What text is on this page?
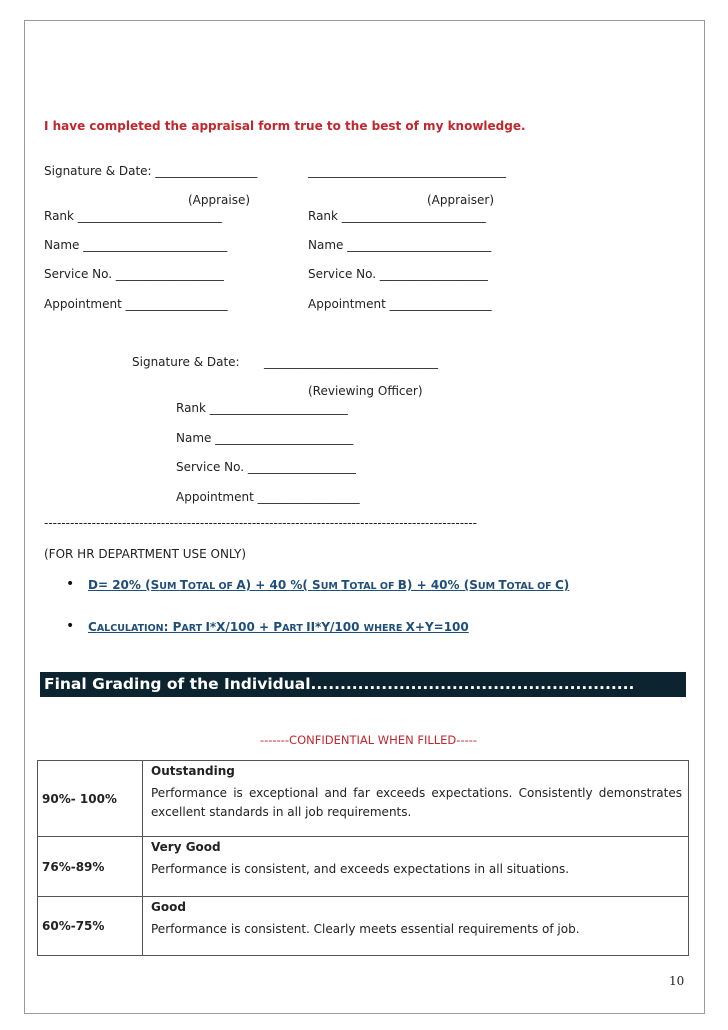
I have completed the appraisal form true to the best of my knowledge.
Signature & Date: _________________	_________________________________
(Appraise)	(Appraiser)
Rank ________________________	Rank ________________________
Name ________________________	Name ________________________
Service No. __________________	Service No. __________________
Appointment _________________	Appointment _________________
Signature & Date: _____________________________
(Reviewing Officer)
Rank _______________________
Name _______________________
Service No. __________________
Appointment _________________
----------------------------------------------------------------------------------------------------
(FOR HR DEPARTMENT USE ONLY)
• D= 20% (SUM TOTAL OF A) + 40 %( SUM TOTAL OF B) + 40% (SUM TOTAL OF C)
• CALCULATION: PART I*X/100 + PART II*Y/100 WHERE X+Y=100
Final Grading of the Individual.......................................................
-------CONFIDENTIAL WHEN FILLED-----
90%- 100%	Outstanding
Performance is exceptional and far exceeds expectations. Consistently demonstrates excellent standards in all job requirements.

76%-89%	Very Good
Performance is consistent, and exceeds expectations in all situations.

60%-75%	Good
Performance is consistent. Clearly meets essential requirements of job.
10
